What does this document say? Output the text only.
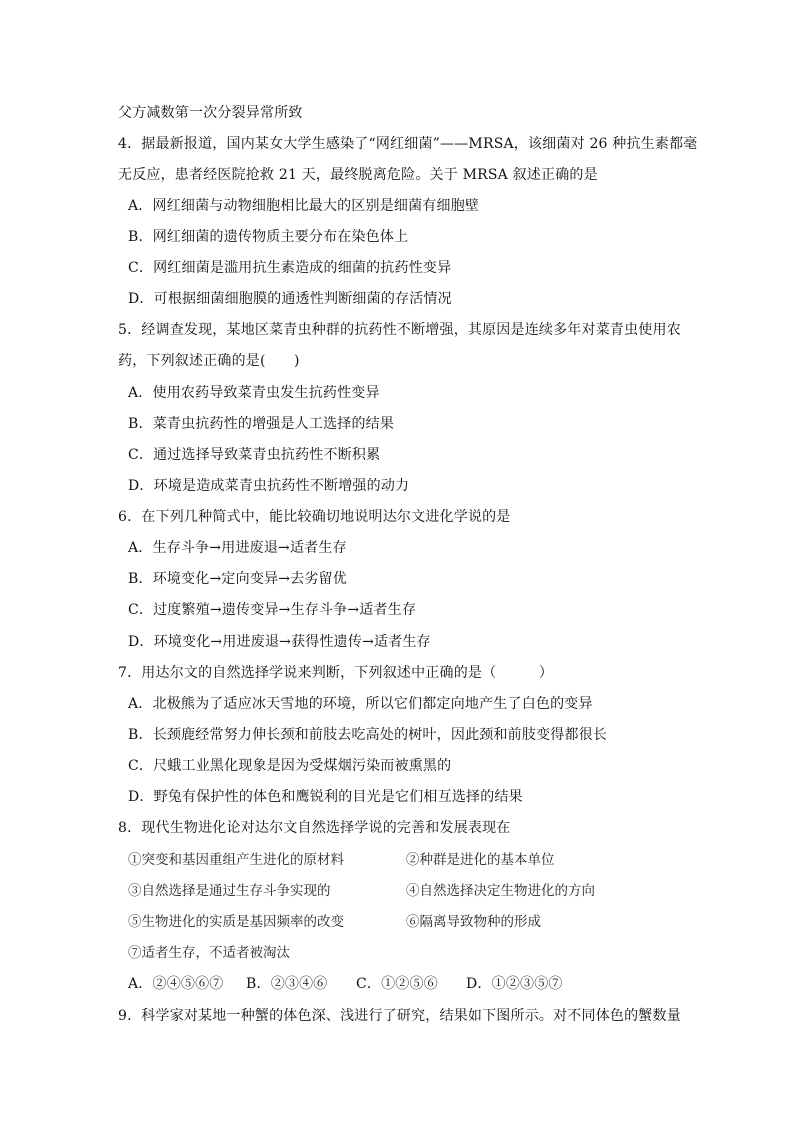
父方减数第一次分裂异常所致
4．据最新报道，国内某女大学生感染了“网红细菌”——MRSA，该细菌对 26 种抗生素都毫
无反应，患者经医院抢救 21 天，最终脱离危险。关于 MRSA 叙述正确的是
A．网红细菌与动物细胞相比最大的区别是细菌有细胞壁
B．网红细菌的遗传物质主要分布在染色体上
C．网红细菌是滥用抗生素造成的细菌的抗药性变异
D．可根据细菌细胞膜的通透性判断细菌的存活情况
5．经调查发现，某地区菜青虫种群的抗药性不断增强，其原因是连续多年对菜青虫使用农
药，下列叙述正确的是(　　)
A．使用农药导致菜青虫发生抗药性变异
B．菜青虫抗药性的增强是人工选择的结果
C．通过选择导致菜青虫抗药性不断积累
D．环境是造成菜青虫抗药性不断增强的动力
6．在下列几种简式中，能比较确切地说明达尔文进化学说的是
A．生存斗争→用进废退→适者生存
B．环境变化→定向变异→去劣留优
C．过度繁殖→遗传变异→生存斗争→适者生存
D．环境变化→用进废退→获得性遗传→适者生存
7．用达尔文的自然选择学说来判断，下列叙述中正确的是（　　　）
A．北极熊为了适应冰天雪地的环境，所以它们都定向地产生了白色的变异
B．长颈鹿经常努力伸长颈和前肢去吃高处的树叶，因此颈和前肢变得都很长
C．尺蛾工业黑化现象是因为受煤烟污染而被熏黑的
D．野兔有保护性的体色和鹰锐利的目光是它们相互选择的结果
8．现代生物进化论对达尔文自然选择学说的完善和发展表现在
①突变和基因重组产生进化的原材料	②种群是进化的基本单位
③自然选择是通过生存斗争实现的	④自然选择决定生物进化的方向
⑤生物进化的实质是基因频率的改变	⑥隔离导致物种的形成
⑦适者生存，不适者被淘汰
A．②④⑤⑥⑦ B．②③④⑥ C．①②⑤⑥ D．①②③⑤⑦
9．科学家对某地一种蟹的体色深、浅进行了研究，结果如下图所示。对不同体色的蟹数量
